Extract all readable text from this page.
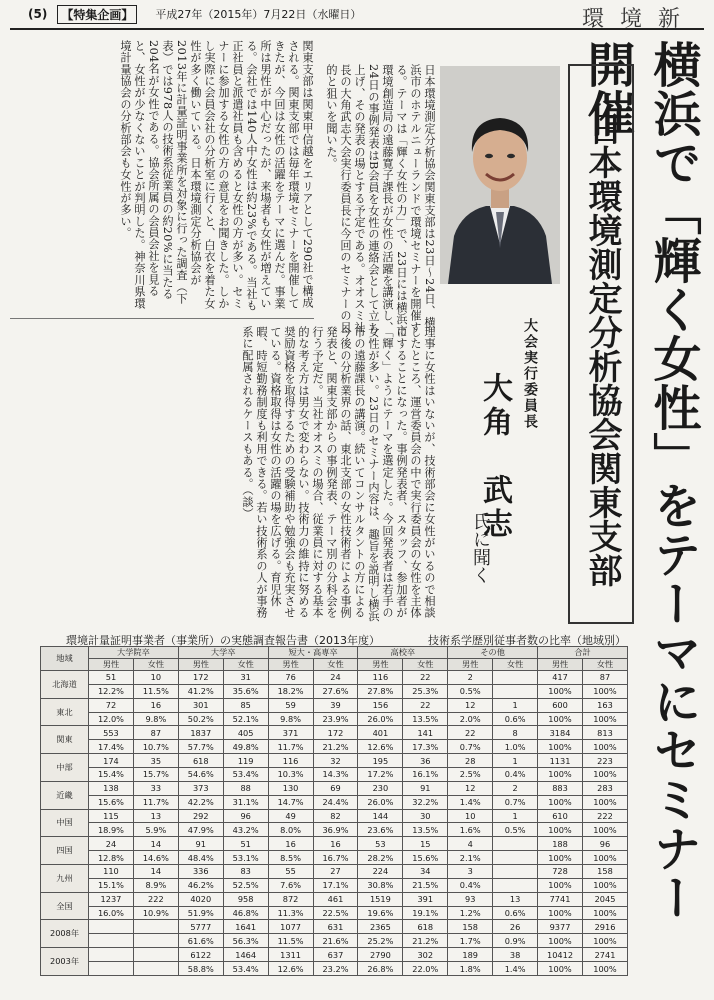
(5)	【特集企画】	平成27年（2015年）7月22日（水曜日）	環境新
横浜で「輝く女性」をテーマにセミナー開催
日本環境測定分析協会関東支部
大会実行委員長
大角　武志
氏に聞く
日本環境測定分析協会関東支部は23日～24日、横浜市のホテルニューランドで環境セミナーを開催する。テーマは「輝く女性の力」で、23日には横浜市環境創造局の遠藤寛子課長が女性の活躍を講演し、24日の事例発表はB会員を女性の連絡会として立ち上げ、その発表の場とする予定である。オオスミ社長の大角武志大会実行委員長に今回のセミナーの目的と狙いを聞いた。
関東支部は関東甲信越をエリアとして290社で構成される。関東支部では毎年環境セミナーを開催してきたが、今回は女性の活躍をテーマに選んだ。事業所は男性が中心だったが、来場者も女性が増えている。会社では140人中女性は約23%である。当社も正社員と派遣社員も含めると女性の方が多い。セミナーに参加する女性の方の意見をお聞きした。しかし実際に会員会社の分析室に行くと、白衣を着た女性が多く働いている。日本環境測定分析協会が2013年に計量証明事業所を対象に行った調査（下表）では978人の技術系従業員の約20%に当たる204名が女性である。協会所属の会員会社を見ると、女性が少なくないことが判明した。神奈川県環境計量協会の分析部会も女性が多い。
理事に女性はいないが、技術部会に女性がいるので相談したところ、運営委員会の中で実行委員会の女性を主体にすることになった。事例発表者、スタッフ、参加者が「輝く」ようにテーマを選定した。今回発表者は若手の女性が多い。23日のセミナー内容は、趣旨を説明し横浜市の遠藤課長の講演。続いてコンサルタントの方による今後の分析業界の話、東北支部の女性技術者による事例発表と、関東支部からの事例発表、テーマ別の分科会を行う予定だ。当社オオスミの場合、従業員に対する基本的な考え方は男女で変わらない。技術力の維持に努める奨励資格を取得するための受験補助や勉強会も充実させている。資格取得は女性の活躍の場を広げる。育児休暇、時短勤務制度も利用できる。若い技術系の人が事務系に配属されるケースもある。（談）
環境計量証明事業者（事業所）の実態調査報告書（2013年度）	技術系学歴別従事者数の比率（地域別）
地域	大学院卒		大学卒		短大・高専卒		高校卒		その他		合計	
	男性	女性	男性	女性	男性	女性	男性	女性	男性	女性	男性	女性
北海道	51	10	172	31	76	24	116	22	2		417	87
	12.2%	11.5%	41.2%	35.6%	18.2%	27.6%	27.8%	25.3%	0.5%		100%	100%
東北	72	16	301	85	59	39	156	22	12	1	600	163
	12.0%	9.8%	50.2%	52.1%	9.8%	23.9%	26.0%	13.5%	2.0%	0.6%	100%	100%
関東	553	87	1837	405	371	172	401	141	22	8	3184	813
	17.4%	10.7%	57.7%	49.8%	11.7%	21.2%	12.6%	17.3%	0.7%	1.0%	100%	100%
中部	174	35	618	119	116	32	195	36	28	1	1131	223
	15.4%	15.7%	54.6%	53.4%	10.3%	14.3%	17.2%	16.1%	2.5%	0.4%	100%	100%
近畿	138	33	373	88	130	69	230	91	12	2	883	283
	15.6%	11.7%	42.2%	31.1%	14.7%	24.4%	26.0%	32.2%	1.4%	0.7%	100%	100%
中国	115	13	292	96	49	82	144	30	10	1	610	222
	18.9%	5.9%	47.9%	43.2%	8.0%	36.9%	23.6%	13.5%	1.6%	0.5%	100%	100%
四国	24	14	91	51	16	16	53	15	4		188	96
	12.8%	14.6%	48.4%	53.1%	8.5%	16.7%	28.2%	15.6%	2.1%		100%	100%
九州	110	14	336	83	55	27	224	34	3		728	158
	15.1%	8.9%	46.2%	52.5%	7.6%	17.1%	30.8%	21.5%	0.4%		100%	100%
全国	1237	222	4020	958	872	461	1519	391	93	13	7741	2045
	16.0%	10.9%	51.9%	46.8%	11.3%	22.5%	19.6%	19.1%	1.2%	0.6%	100%	100%
2008年			5777	1641	1077	631	2365	618	158	26	9377	2916
			61.6%	56.3%	11.5%	21.6%	25.2%	21.2%	1.7%	0.9%	100%	100%
2003年			6122	1464	1311	637	2790	302	189	38	10412	2741
			58.8%	53.4%	12.6%	23.2%	26.8%	22.0%	1.8%	1.4%	100%	100%
